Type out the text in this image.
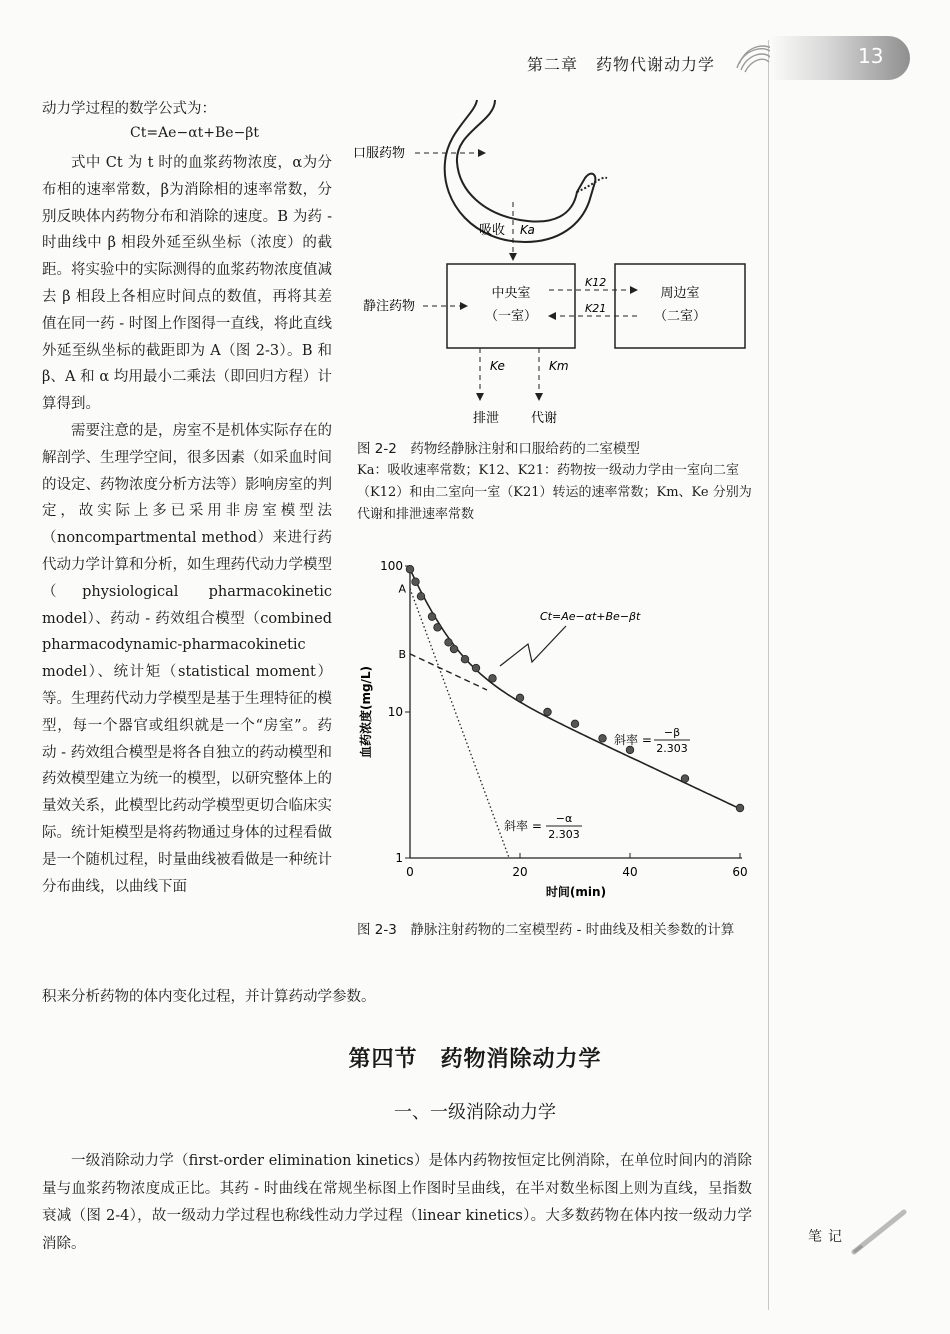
第二章 药物代谢动力学	13
动力学过程的数学公式为：
Ct=Ae−αt+Be−βt

式中 Ct 为 t 时的血浆药物浓度，α为分布相的速率常数，β为消除相的速率常数，分别反映体内药物分布和消除的速度。B 为药 - 时曲线中 β 相段外延至纵坐标（浓度）的截距。将实验中的实际测得的血浆药物浓度值减去 β 相段上各相应时间点的数值，再将其差值在同一药 - 时图上作图得一直线，将此直线外延至纵坐标的截距即为 A（图 2-3）。B 和 β、A 和 α 均用最小二乘法（即回归方程）计算得到。

需要注意的是，房室不是机体实际存在的解剖学、生理学空间，很多因素（如采血时间的设定、药物浓度分析方法等）影响房室的判定，故实际上多已采用非房室模型法（noncompartmental method）来进行药代动力学计算和分析，如生理药代动力学模型（physiological pharmacokinetic model）、药动 - 药效组合模型（combined pharmacodynamic-pharmacokinetic model）、统计矩（statistical moment）等。生理药代动力学模型是基于生理特征的模型，每一个器官或组织就是一个“房室”。药动 - 药效组合模型是将各自独立的药动模型和药效模型建立为统一的模型，以研究整体上的量效关系，此模型比药动学模型更切合临床实际。统计矩模型是将药物通过身体的过程看做是一个随机过程，时量曲线被看做是一种统计分布曲线，以曲线下面

积来分析药物的体内变化过程，并计算药动学参数。
口服药物
吸收 Ka
中央室
（一室）
周边室
（二室）
静注药物
K12
K21
Ke	Km
排泄 代谢
图 2-2　药物经静脉注射和口服给药的二室模型
Ka：吸收速率常数；K12、K21：药物按一级动力学由一室向二室（K12）和由二室向一室（K21）转运的速率常数；Km、Ke 分别为代谢和排泄速率常数
1
10
100
0	20	40	60
A
B
Ct=Ae−αt+Be−βt
斜率 =
−β
2.303
斜率 =
−α
2.303
时间(min)
血药浓度(mg/L)
图 2-3　静脉注射药物的二室模型药 - 时曲线及相关参数的计算
第四节　药物消除动力学
一、一级消除动力学
一级消除动力学（first-order elimination kinetics）是体内药物按恒定比例消除，在单位时间内的消除量与血浆药物浓度成正比。其药 - 时曲线在常规坐标图上作图时呈曲线，在半对数坐标图上则为直线，呈指数衰减（图 2-4），故一级动力学过程也称线性动力学过程（linear kinetics）。大多数药物在体内按一级动力学消除。	笔记
